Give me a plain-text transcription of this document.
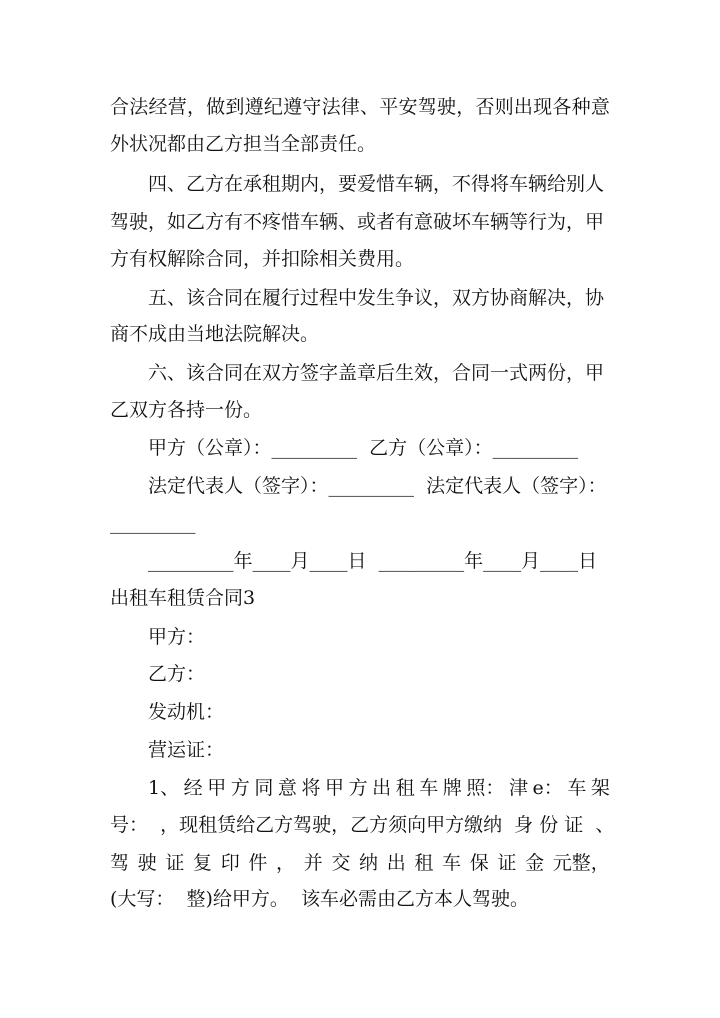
合 法 经 营 ， 做 到 遵 纪 遵 守 法 律 、 平 安 驾 驶 ， 否 则 出 现 各 种 意
外状况都由乙方担当全部责任。
四、乙方在承租期内，要爱惜车辆，不得将车辆给别人
驾驶，如乙方有不疼惜车辆、或者有意破坏车辆等行为，甲
方有权解除合同，并扣除相关费用。
五、该合同在履行过程中发生争议，双方协商解决，协
商不成由当地法院解决。
六、该合同在双方签字盖章后生效，合同一式两份，甲
乙双方各持一份。
甲方（公章）：_________  乙方（公章）：_________
法定代表人（签字）：_________  法定代表人（签字）：
_________
_________年____月____日  _________年____月____日
出租车租赁合同3
甲方：
乙方：
发动机：
营运证：
1、 经 甲 方 同 意 将 甲 方 出 租 车 牌 照： 津 e： 车 架
号：  ，现租赁给乙方驾驶，乙方须向甲方缴纳  身 份 证  、
驾 驶 证 复 印 件 ， 并 交 纳 出 租 车 保 证 金 元整，
(大写：  整)给甲方。  该车必需由乙方本人驾驶。
